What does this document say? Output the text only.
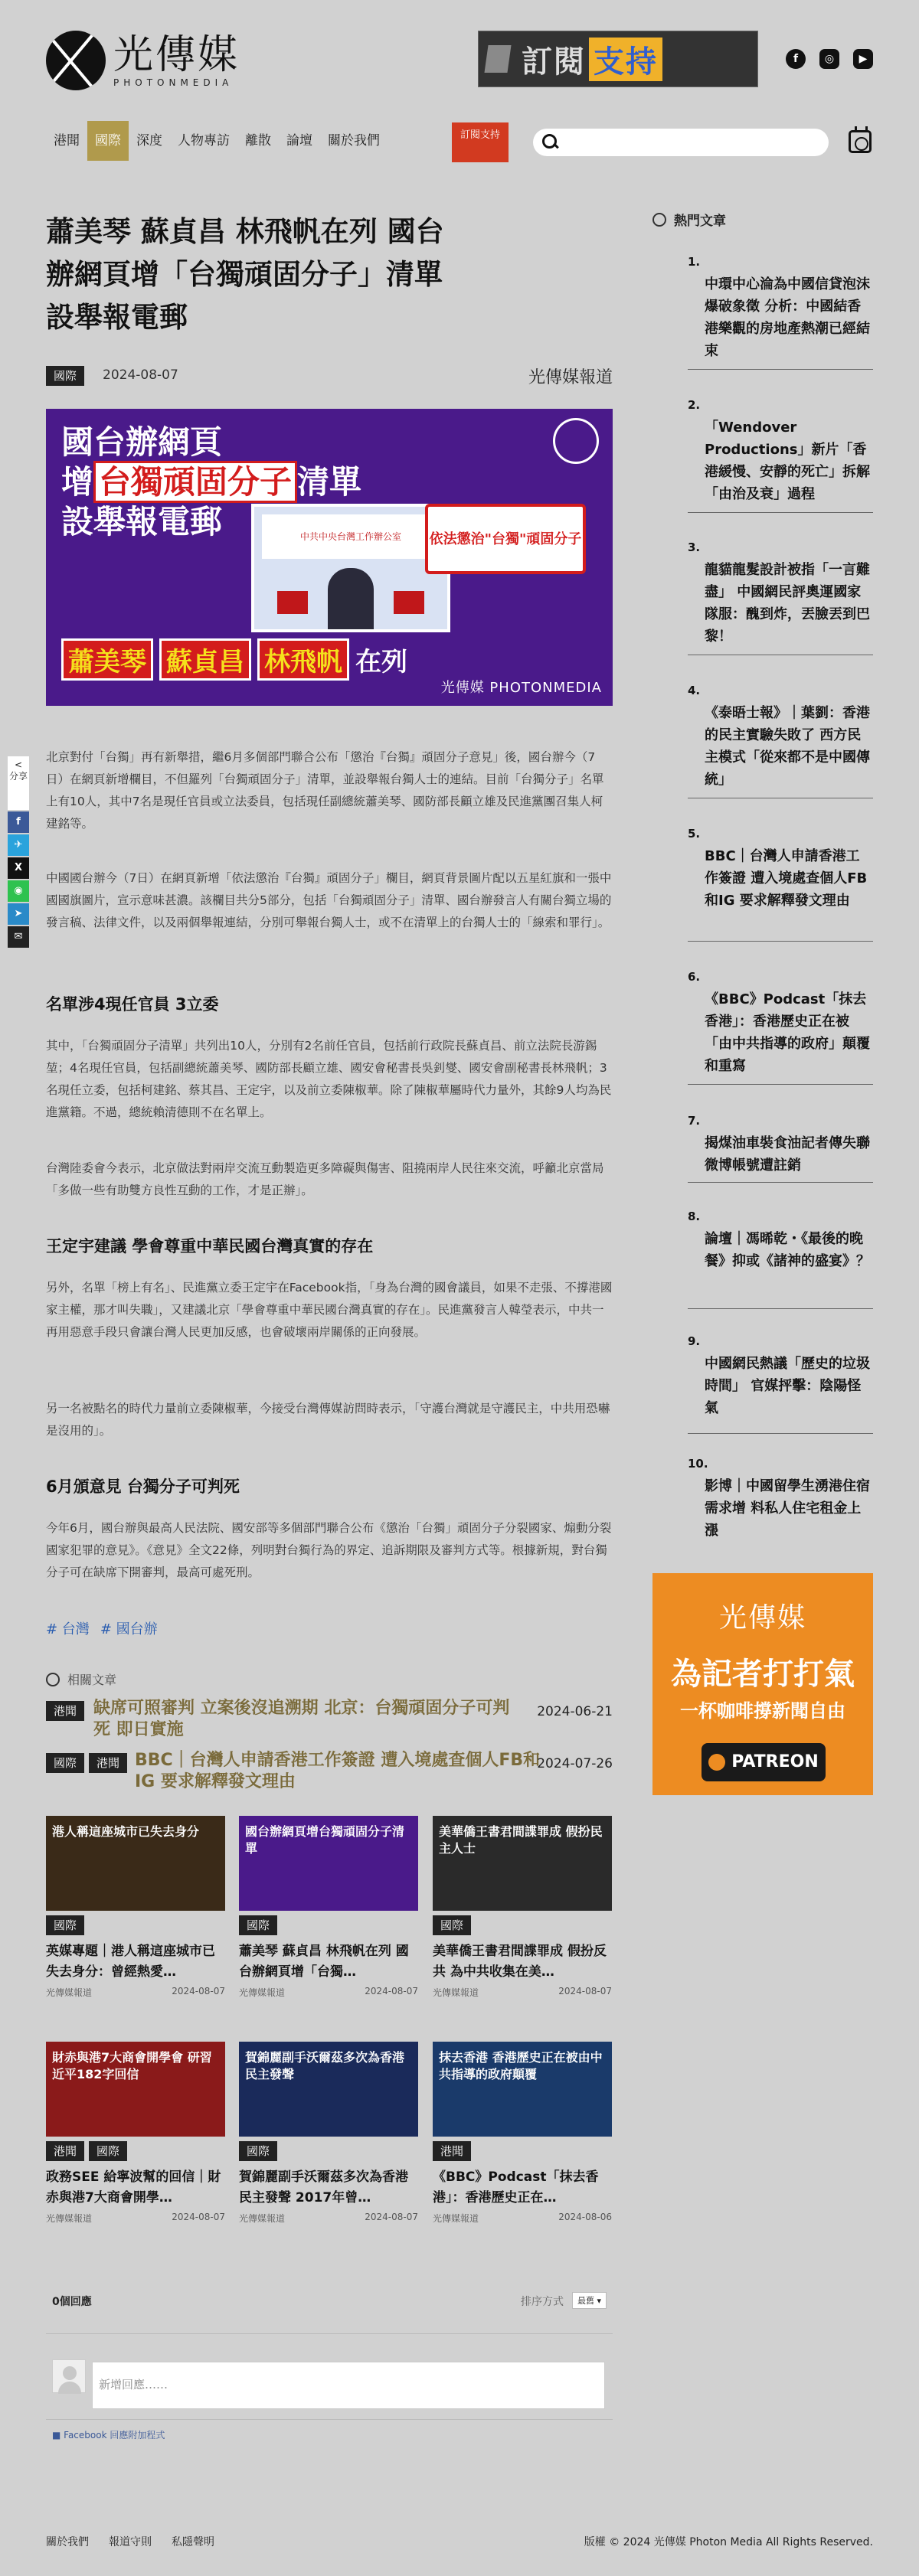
光傳媒
PHOTONMEDIA
訂閱 支持	f	◎	▶
港聞	國際	深度	人物專訪	離散	論壇	關於我們	訂閱支持
<
分享
f
✈
X
◉
➤
✉
蕭美琴 蘇貞昌 林飛帆在列 國台辦網頁增「台獨頑固分子」清單 設舉報電郵
國際	2024-08-07	光傳媒報道
國台辦網頁
增 台獨頑固分子 清單
設舉報電郵	中共中央台灣工作辦公室	依法懲治"台獨"頑固分子
蕭美琴 蘇貞昌 林飛帆 在列
光傳媒 PHOTONMEDIA

北京對付「台獨」再有新舉措，繼6月多個部門聯合公布「懲治『台獨』頑固分子意見」後，國台辦今（7日）在網頁新增欄目，不但羅列「台獨頑固分子」清單，並設舉報台獨人士的連結。目前「台獨分子」名單上有10人，其中7名是現任官員或立法委員，包括現任副總統蕭美琴、國防部長顧立雄及民進黨團召集人柯建銘等。

中國國台辦今（7日）在網頁新增「依法懲治『台獨』頑固分子」欄目，網頁背景圖片配以五星紅旗和一張中國國旗圖片，宣示意味甚濃。該欄目共分5部分，包括「台獨頑固分子」清單、國台辦發言人有關台獨立場的發言稿、法律文件，以及兩個舉報連結，分別可舉報台獨人士，或不在清單上的台獨人士的「線索和罪行」。

名單涉4現任官員 3立委

其中，「台獨頑固分子清單」共列出10人，分別有2名前任官員，包括前行政院長蘇貞昌、前立法院長游錫堃；4名現任官員，包括副總統蕭美琴、國防部長顧立雄、國安會秘書長吳釗燮、國安會副秘書長林飛帆；3名現任立委，包括柯建銘、蔡其昌、王定宇，以及前立委陳椒華。除了陳椒華屬時代力量外，其餘9人均為民進黨籍。不過，總統賴清德則不在名單上。

台灣陸委會今表示，北京做法對兩岸交流互動製造更多障礙與傷害、阻撓兩岸人民往來交流，呼籲北京當局「多做一些有助雙方良性互動的工作，才是正辦」。

王定宇建議 學會尊重中華民國台灣真實的存在

另外，名單「榜上有名」、民進黨立委王定宇在Facebook指，「身為台灣的國會議員，如果不走張、不撐港國家主權，那才叫失職」，又建議北京「學會尊重中華民國台灣真實的存在」。民進黨發言人韓瑩表示，中共一再用惡意手段只會讓台灣人民更加反感，也會破壞兩岸關係的正向發展。

另一名被點名的時代力量前立委陳椒華，今接受台灣傳媒訪問時表示，「守護台灣就是守護民主，中共用恐嚇是沒用的」。

6月頒意見 台獨分子可判死

今年6月，國台辦與最高人民法院、國安部等多個部門聯合公布《懲治「台獨」頑固分子分裂國家、煽動分裂國家犯罪的意見》。《意見》全文22條，列明對台獨行為的界定、追訴期限及審判方式等。根據新規，對台獨分子可在缺席下開審判，最高可處死刑。

# 台灣 # 國台辦
相關文章
港聞 缺席可照審判 立案後沒追溯期 北京：台獨頑固分子可判死 即日實施
2024-06-21
國際	港聞 BBC｜台灣人申請香港工作簽證 遭入境處查個人FB和IG 要求解釋發文理由
2024-07-26
港人稱這座城市已失去身分
國際
英媒專題｜港人稱這座城市已失去身分：曾經熱愛…
光傳媒報道	2024-08-07
國台辦網頁增台獨頑固分子清單
國際
蕭美琴 蘇貞昌 林飛帆在列 國台辦網頁增「台獨…
光傳媒報道	2024-08-07
美華僑王書君間諜罪成 假扮民主人士
國際
美華僑王書君間諜罪成 假扮反共 為中共收集在美…
光傳媒報道	2024-08-07
財赤與港7大商會開學會 研習近平182字回信
港聞	國際
政務SEE 給寧波幫的回信｜財赤與港7大商會開學…
光傳媒報道	2024-08-07
賀錦麗副手沃爾茲多次為香港民主發聲
國際
賀錦麗副手沃爾茲多次為香港民主發聲 2017年曾…
光傳媒報道	2024-08-07
抹去香港 香港歷史正在被由中共指導的政府顛覆
港聞
《BBC》Podcast「抹去香港」：香港歷史正在…
光傳媒報道	2024-08-06
0個回應	排序方式	最舊 ▾
新增回應……
■ Facebook 回應附加程式
熱門文章
1.
中環中心淪為中國信貸泡沫爆破象徵 分析：中國結香港樂觀的房地產熱潮已經結束
2.
「Wendover Productions」新片「香港緩慢、安靜的死亡」拆解「由治及衰」過程
3.
龍貓龍髮設計被指「一言難盡」 中國網民評奧運國家隊服：醜到炸，丟臉丟到巴黎！
4.
《泰晤士報》｜葉劉：香港的民主實驗失敗了 西方民主模式「從來都不是中國傳統」
5.
BBC｜台灣人申請香港工作簽證 遭入境處查個人FB和IG 要求解釋發文理由
6.
《BBC》Podcast「抹去香港」：香港歷史正在被「由中共指導的政府」顛覆和重寫
7.
揭煤油車裝食油記者傳失聯 微博帳號遭註銷
8.
論壇｜馮晞乾・《最後的晚餐》抑或《諸神的盛宴》？
9.
中國網民熱議「歷史的垃圾時間」 官媒抨擊：陰陽怪氣
10.
影博｜中國留學生湧港住宿需求增 料私人住宅租金上漲
光傳媒
為記者打打氣
一杯咖啡撐新聞自由
PATREON
關於我們 報道守則 私隱聲明	版權 © 2024 光傳媒 Photon Media All Rights Reserved.
